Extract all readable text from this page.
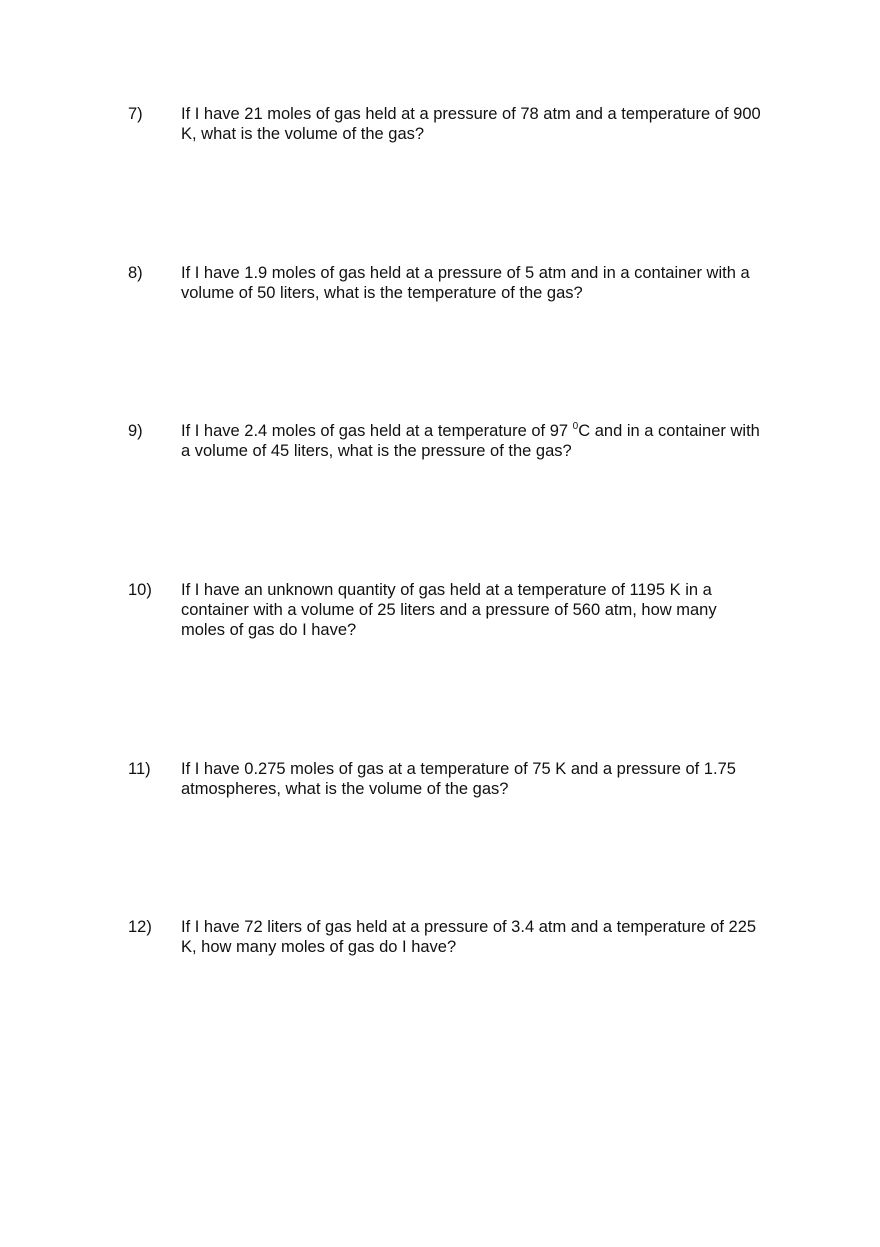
7)	If I have 21 moles of gas held at a pressure of 78 atm and a temperature of 900 K, what is the volume of the gas?
8)	If I have 1.9 moles of gas held at a pressure of 5 atm and in a container with a volume of 50 liters, what is the temperature of the gas?
9)	If I have 2.4 moles of gas held at a temperature of 97 $^0$C and in a container with a volume of 45 liters, what is the pressure of the gas?
10)	If I have an unknown quantity of gas held at a temperature of 1195 K in a container with a volume of 25 liters and a pressure of 560 atm, how many moles of gas do I have?
11)	If I have 0.275 moles of gas at a temperature of 75 K and a pressure of 1.75 atmospheres, what is the volume of the gas?
12)	If I have 72 liters of gas held at a pressure of 3.4 atm and a temperature of 225 K, how many moles of gas do I have?
